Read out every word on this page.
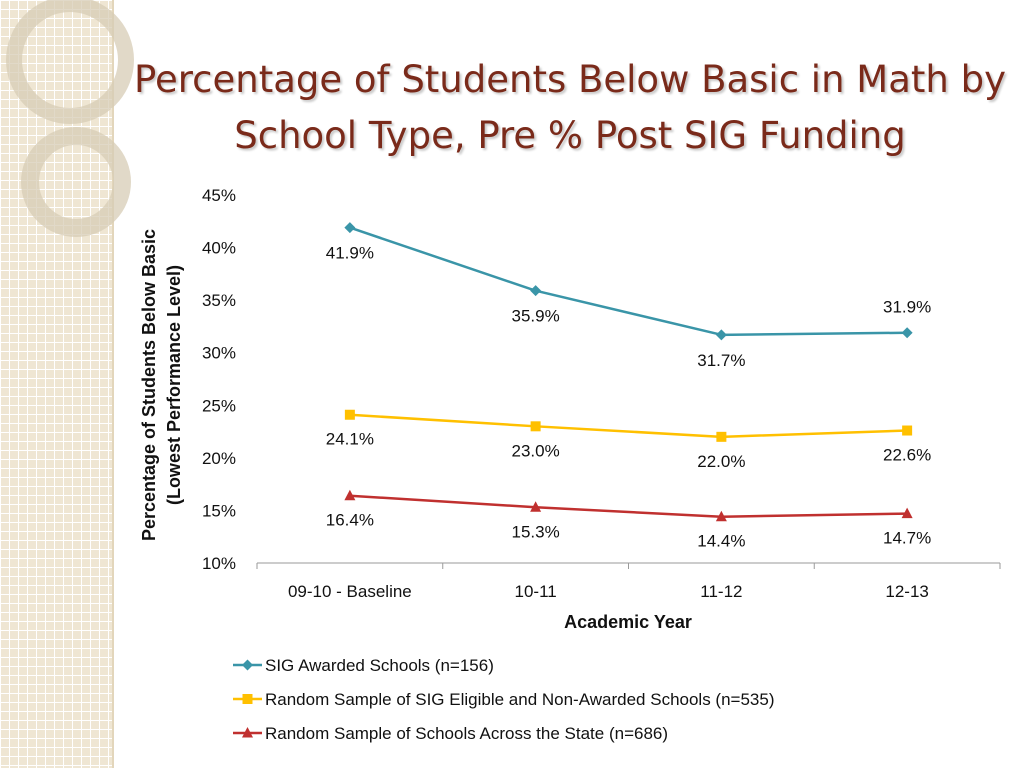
Percentage of Students Below Basic in Math by School Type, Pre % Post SIG Funding
Percentage of Students Below Basic (Lowest Performance Level)
10%
15%
20%
25%
30%
35%
40%
45%
09-10 - Baseline	10-11	11-12	12-13
Academic Year
41.9%
35.9%
31.7%
31.9%
24.1%
23.0%
22.0%	22.6%
16.4%
15.3%	14.4%	14.7%
SIG Awarded Schools (n=156)
Random Sample of SIG Eligible and Non-Awarded Schools (n=535)
Random Sample of Schools Across the State (n=686)
